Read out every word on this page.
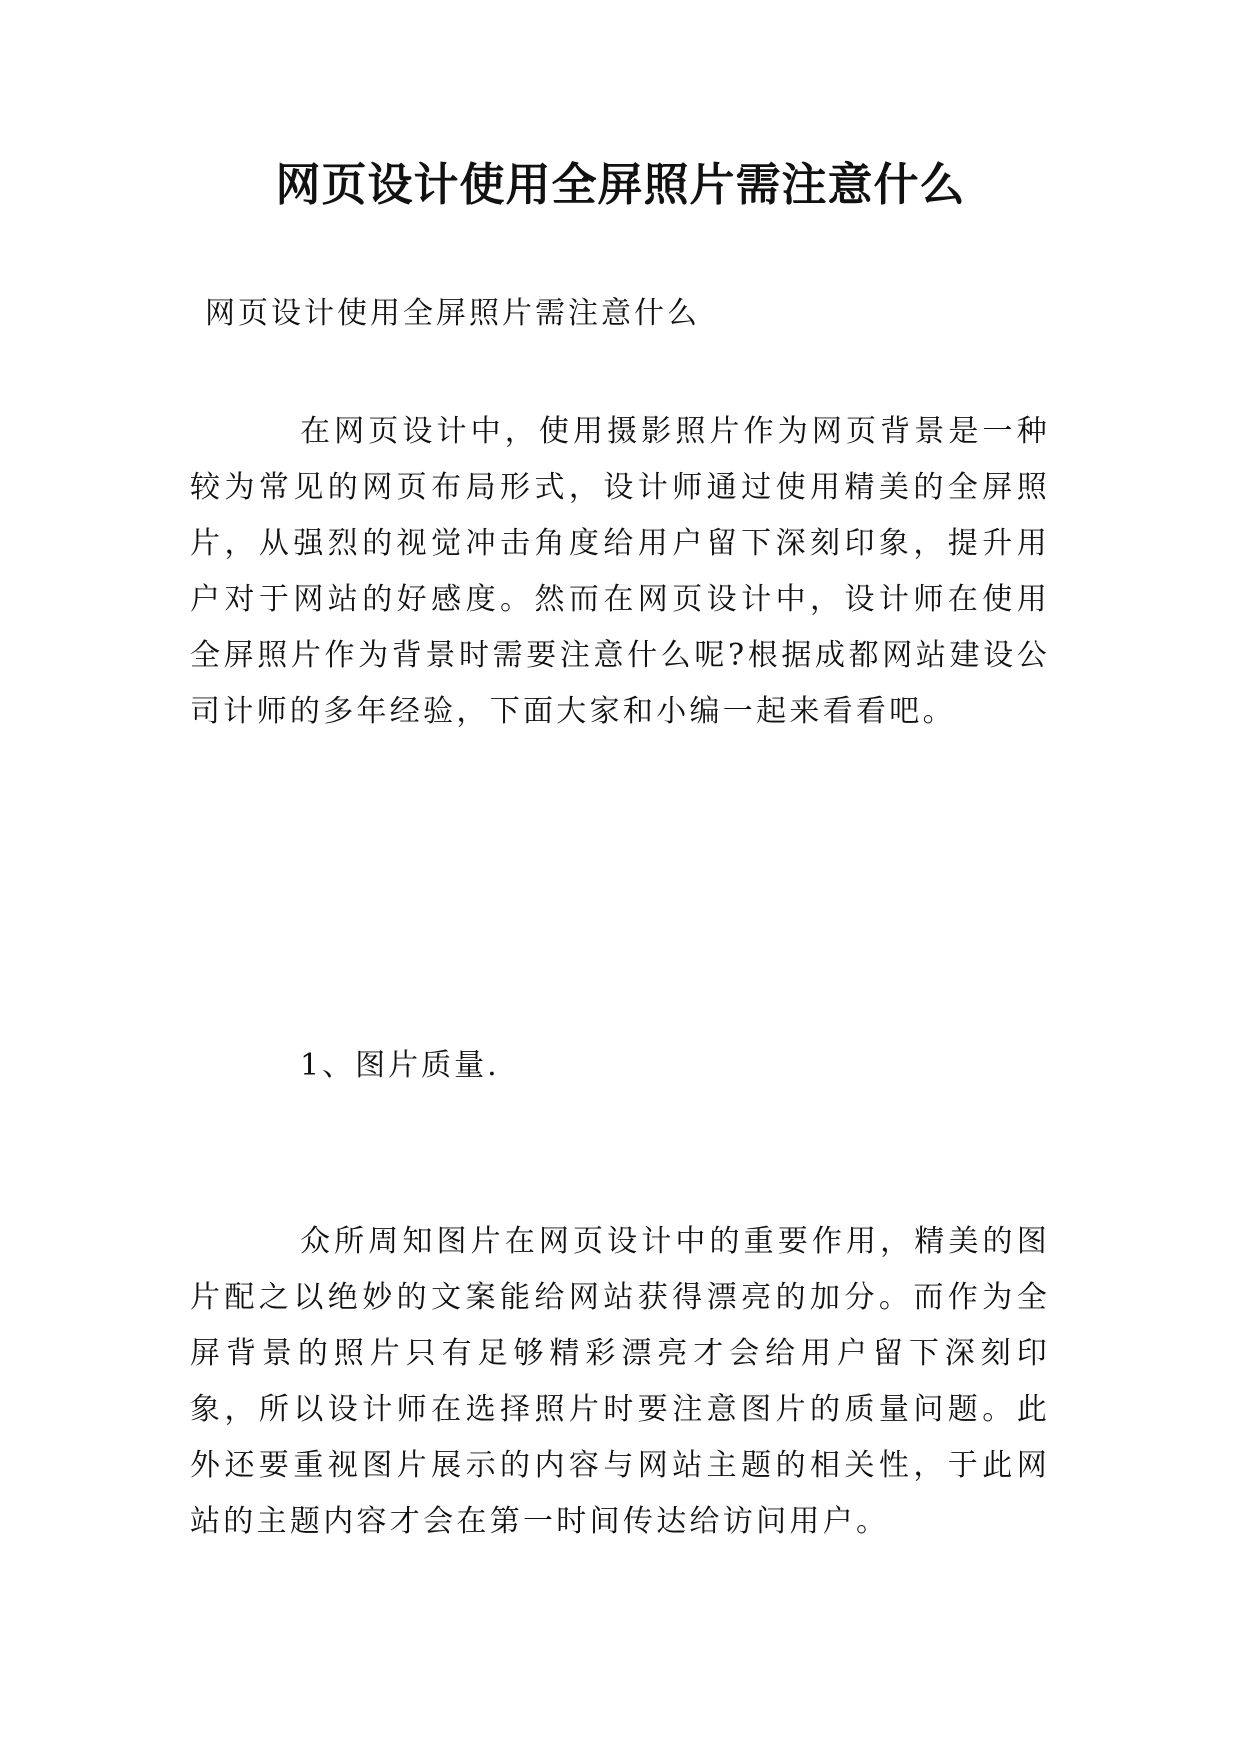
网页设计使用全屏照片需注意什么

网页设计使用全屏照片需注意什么

在网页设计中，使用摄影照片作为网页背景是一种较为常见的网页布局形式，设计师通过使用精美的全屏照片，从强烈的视觉冲击角度给用户留下深刻印象，提升用户对于网站的好感度。然而在网页设计中，设计师在使用全屏照片作为背景时需要注意什么呢?根据成都网站建设公司计师的多年经验，下面大家和小编一起来看看吧。

1、图片质量.

众所周知图片在网页设计中的重要作用，精美的图片配之以绝妙的文案能给网站获得漂亮的加分。而作为全屏背景的照片只有足够精彩漂亮才会给用户留下深刻印象，所以设计师在选择照片时要注意图片的质量问题。此外还要重视图片展示的内容与网站主题的相关性，于此网站的主题内容才会在第一时间传达给访问用户。
